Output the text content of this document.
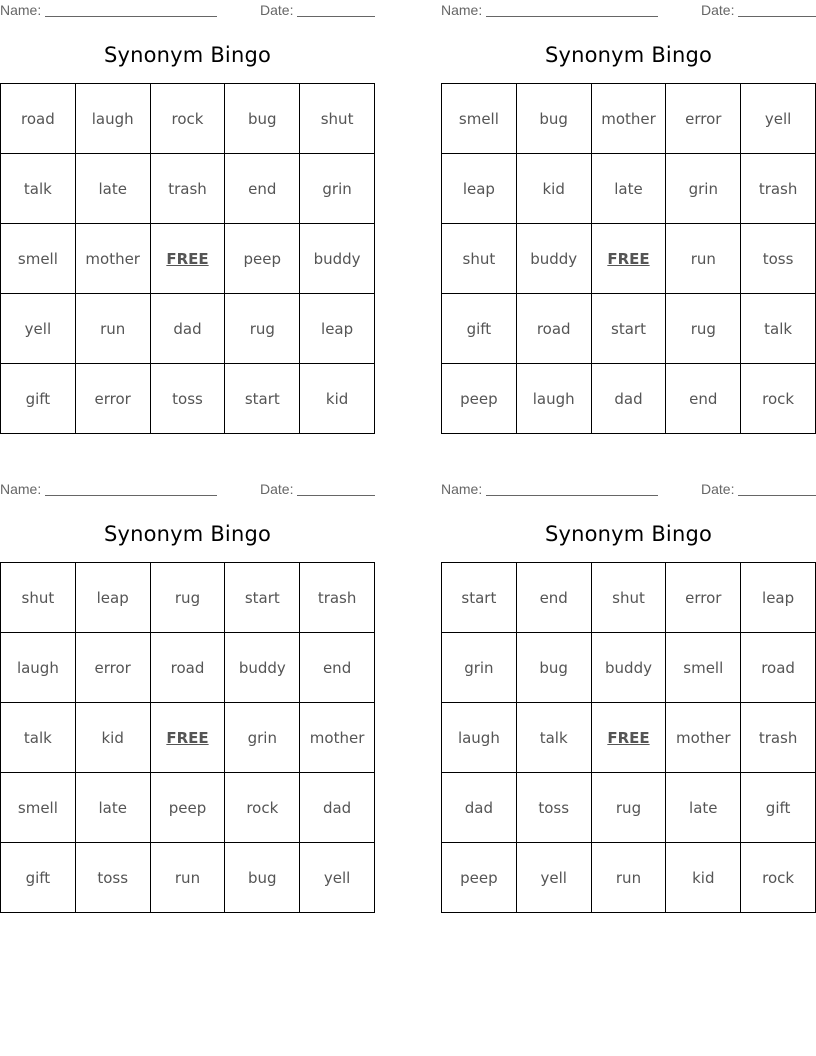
Name:	Date:
Synonym Bingo
road	laugh	rock	bug	shut
talk	late	trash	end	grin
smell	mother	FREE	peep	buddy
yell	run	dad	rug	leap
gift	error	toss	start	kid
Name:	Date:
Synonym Bingo
smell	bug	mother	error	yell
leap	kid	late	grin	trash
shut	buddy	FREE	run	toss
gift	road	start	rug	talk
peep	laugh	dad	end	rock
Name:	Date:
Synonym Bingo
shut	leap	rug	start	trash
laugh	error	road	buddy	end
talk	kid	FREE	grin	mother
smell	late	peep	rock	dad
gift	toss	run	bug	yell
Name:	Date:
Synonym Bingo
start	end	shut	error	leap
grin	bug	buddy	smell	road
laugh	talk	FREE	mother	trash
dad	toss	rug	late	gift
peep	yell	run	kid	rock
